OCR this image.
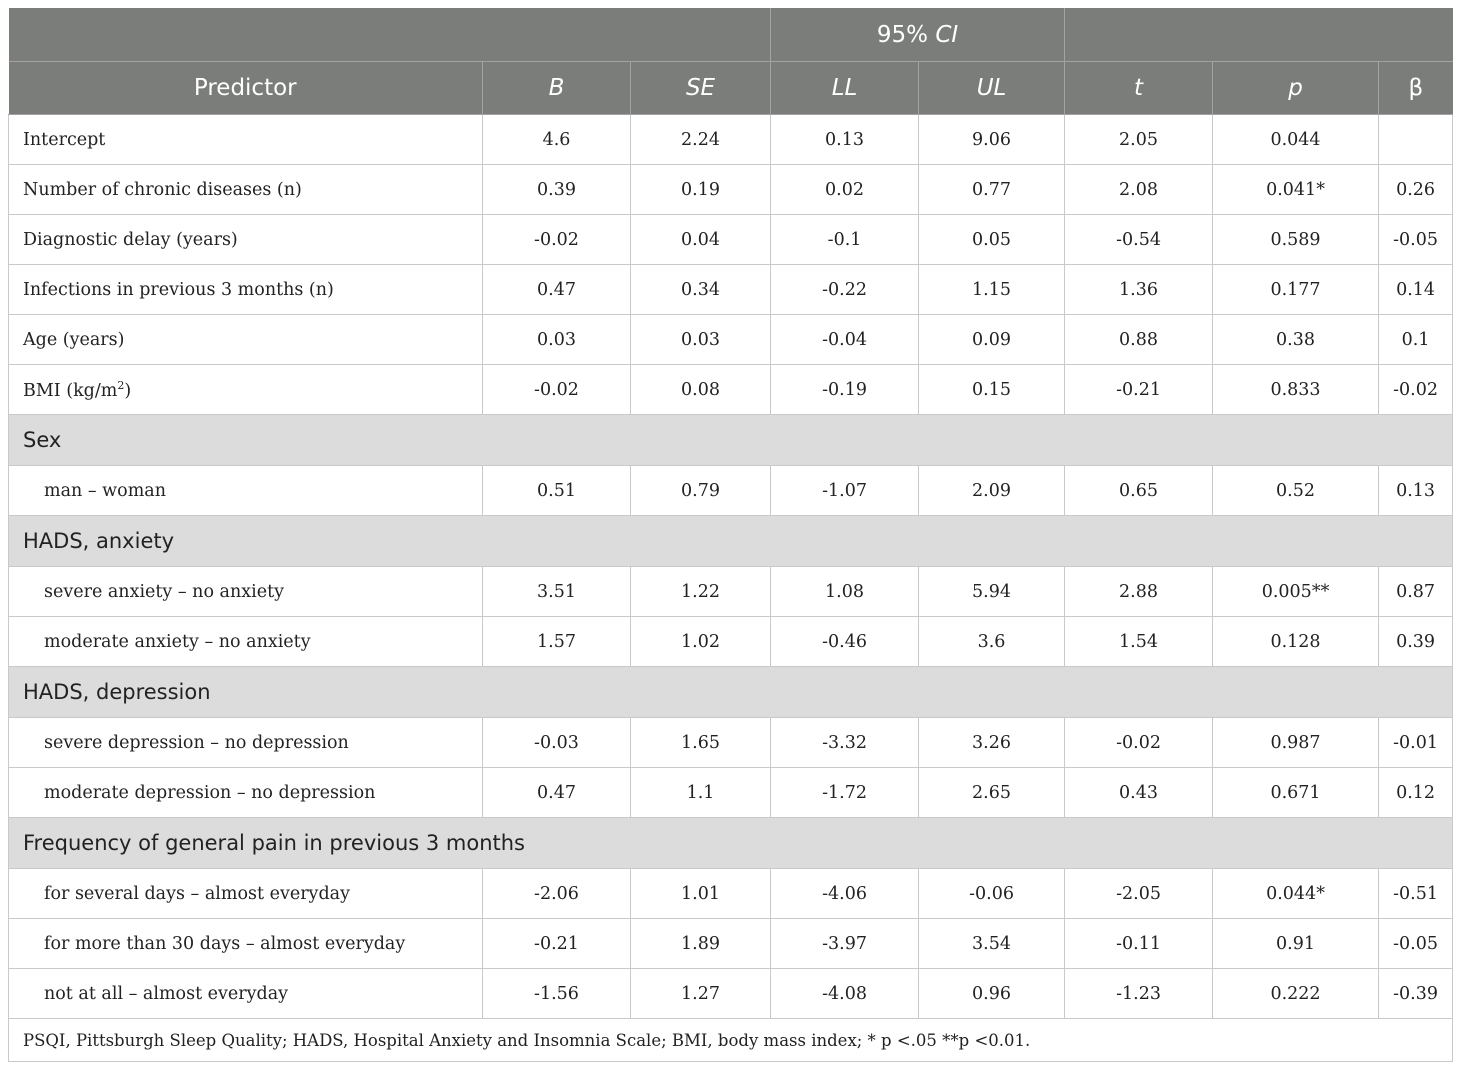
			95% CI				
Predictor	B	SE	LL	UL	t	p	β
Intercept	4.6	2.24	0.13	9.06	2.05	0.044	
Number of chronic diseases (n)	0.39	0.19	0.02	0.77	2.08	0.041*	0.26
Diagnostic delay (years)	-0.02	0.04	-0.1	0.05	-0.54	0.589	-0.05
Infections in previous 3 months (n)	0.47	0.34	-0.22	1.15	1.36	0.177	0.14
Age (years)	0.03	0.03	-0.04	0.09	0.88	0.38	0.1
BMI $(kg/m^2)$	-0.02	0.08	-0.19	0.15	-0.21	0.833	-0.02
Sex							
man – woman	0.51	0.79	-1.07	2.09	0.65	0.52	0.13
HADS, anxiety							
severe anxiety – no anxiety	3.51	1.22	1.08	5.94	2.88	0.005**	0.87
moderate anxiety – no anxiety	1.57	1.02	-0.46	3.6	1.54	0.128	0.39
HADS, depression							
severe depression – no depression	-0.03	1.65	-3.32	3.26	-0.02	0.987	-0.01
moderate depression – no depression	0.47	1.1	-1.72	2.65	0.43	0.671	0.12
Frequency of general pain in previous 3 months							
for several days – almost everyday	-2.06	1.01	-4.06	-0.06	-2.05	0.044*	-0.51
for more than 30 days – almost everyday	-0.21	1.89	-3.97	3.54	-0.11	0.91	-0.05
not at all – almost everyday	-1.56	1.27	-4.08	0.96	-1.23	0.222	-0.39
PSQI, Pittsburgh Sleep Quality; HADS, Hospital Anxiety and Insomnia Scale; BMI, body mass index; * p <.05 **p <0.01.							
